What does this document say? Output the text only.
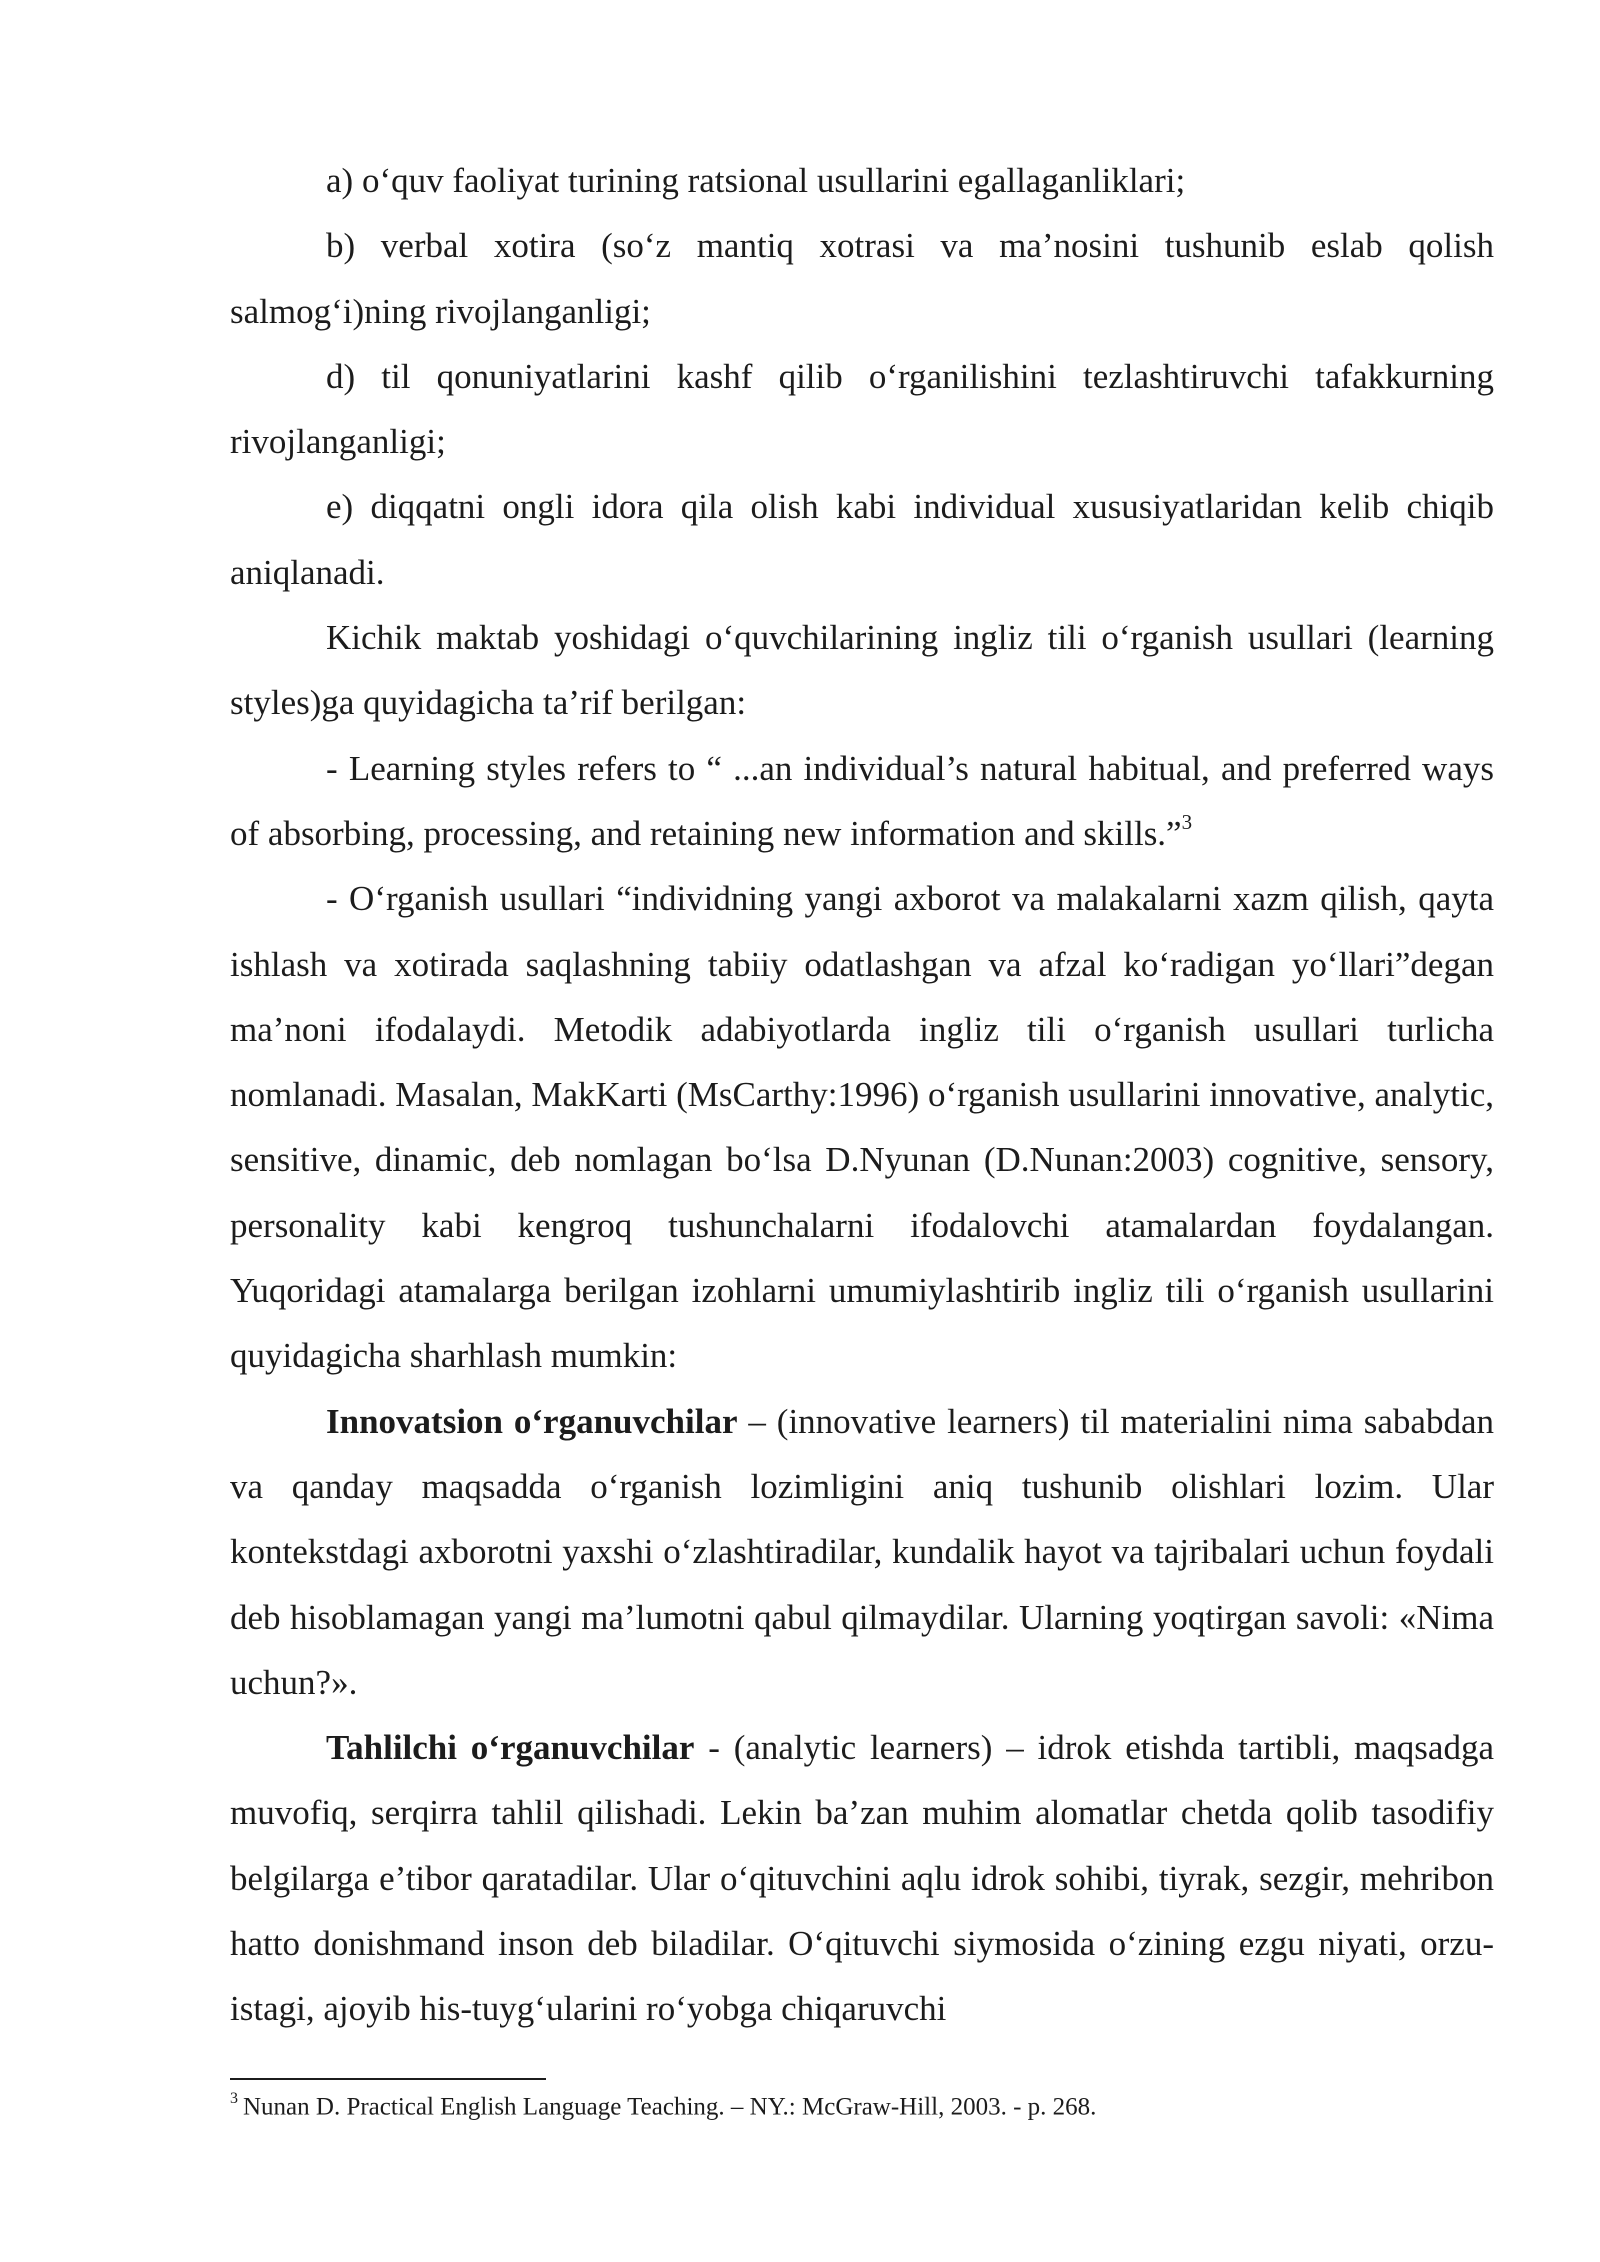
a) o‘quv faoliyat turining ratsional usullarini egallaganliklari;

b) verbal xotira (so‘z mantiq xotrasi va ma’nosini tushunib eslab qolish salmog‘i)ning rivojlanganligi;

d) til qonuniyatlarini kashf qilib o‘rganilishini tezlashtiruvchi tafakkurning rivojlanganligi;

e) diqqatni ongli idora qila olish kabi individual xususiyatlaridan kelib chiqib aniqlanadi.

Kichik maktab yoshidagi o‘quvchilarining ingliz tili o‘rganish usullari (learning styles)ga quyidagicha ta’rif berilgan:

- Learning styles refers to “ ...an individual’s natural habitual, and preferred ways of absorbing, processing, and retaining new information and skills.”$^3$

- O‘rganish usullari “individning yangi axborot va malakalarni xazm qilish, qayta ishlash va xotirada saqlashning tabiiy odatlashgan va afzal ko‘radigan yo‘llari”degan ma’noni ifodalaydi. Metodik adabiyotlarda ingliz tili o‘rganish usullari turlicha nomlanadi. Masalan, MakKarti (MsCarthy:1996) o‘rganish usullarini innovative, analytic, sensitive, dinamic, deb nomlagan bo‘lsa D.Nyunan (D.Nunan:2003) cognitive, sensory, personality kabi kengroq tushunchalarni ifodalovchi atamalardan foydalangan. Yuqoridagi atamalarga berilgan izohlarni umumiylashtirib ingliz tili o‘rganish usullarini quyidagicha sharhlash mumkin:

Innovatsion o‘rganuvchilar – (innovative learners) til materialini nima sababdan va qanday maqsadda o‘rganish lozimligini aniq tushunib olishlari lozim. Ular kontekstdagi axborotni yaxshi o‘zlashtiradilar, kundalik hayot va tajribalari uchun foydali deb hisoblamagan yangi ma’lumotni qabul qilmaydilar. Ularning yoqtirgan savoli: «Nima uchun?».

Tahlilchi o‘rganuvchilar - (analytic learners) – idrok etishda tartibli, maqsadga muvofiq, serqirra tahlil qilishadi. Lekin ba’zan muhim alomatlar chetda qolib tasodifiy belgilarga e’tibor qaratadilar. Ular o‘qituvchini aqlu idrok sohibi, tiyrak, sezgir, mehribon hatto donishmand inson deb biladilar. O‘qituvchi siymosida o‘zining ezgu niyati, orzu-istagi, ajoyib his-tuyg‘ularini ro‘yobga chiqaruvchi

$^3$ Nunan D. Practical English Language Teaching. – NY.: McGraw-Hill, 2003. - p. 268.
